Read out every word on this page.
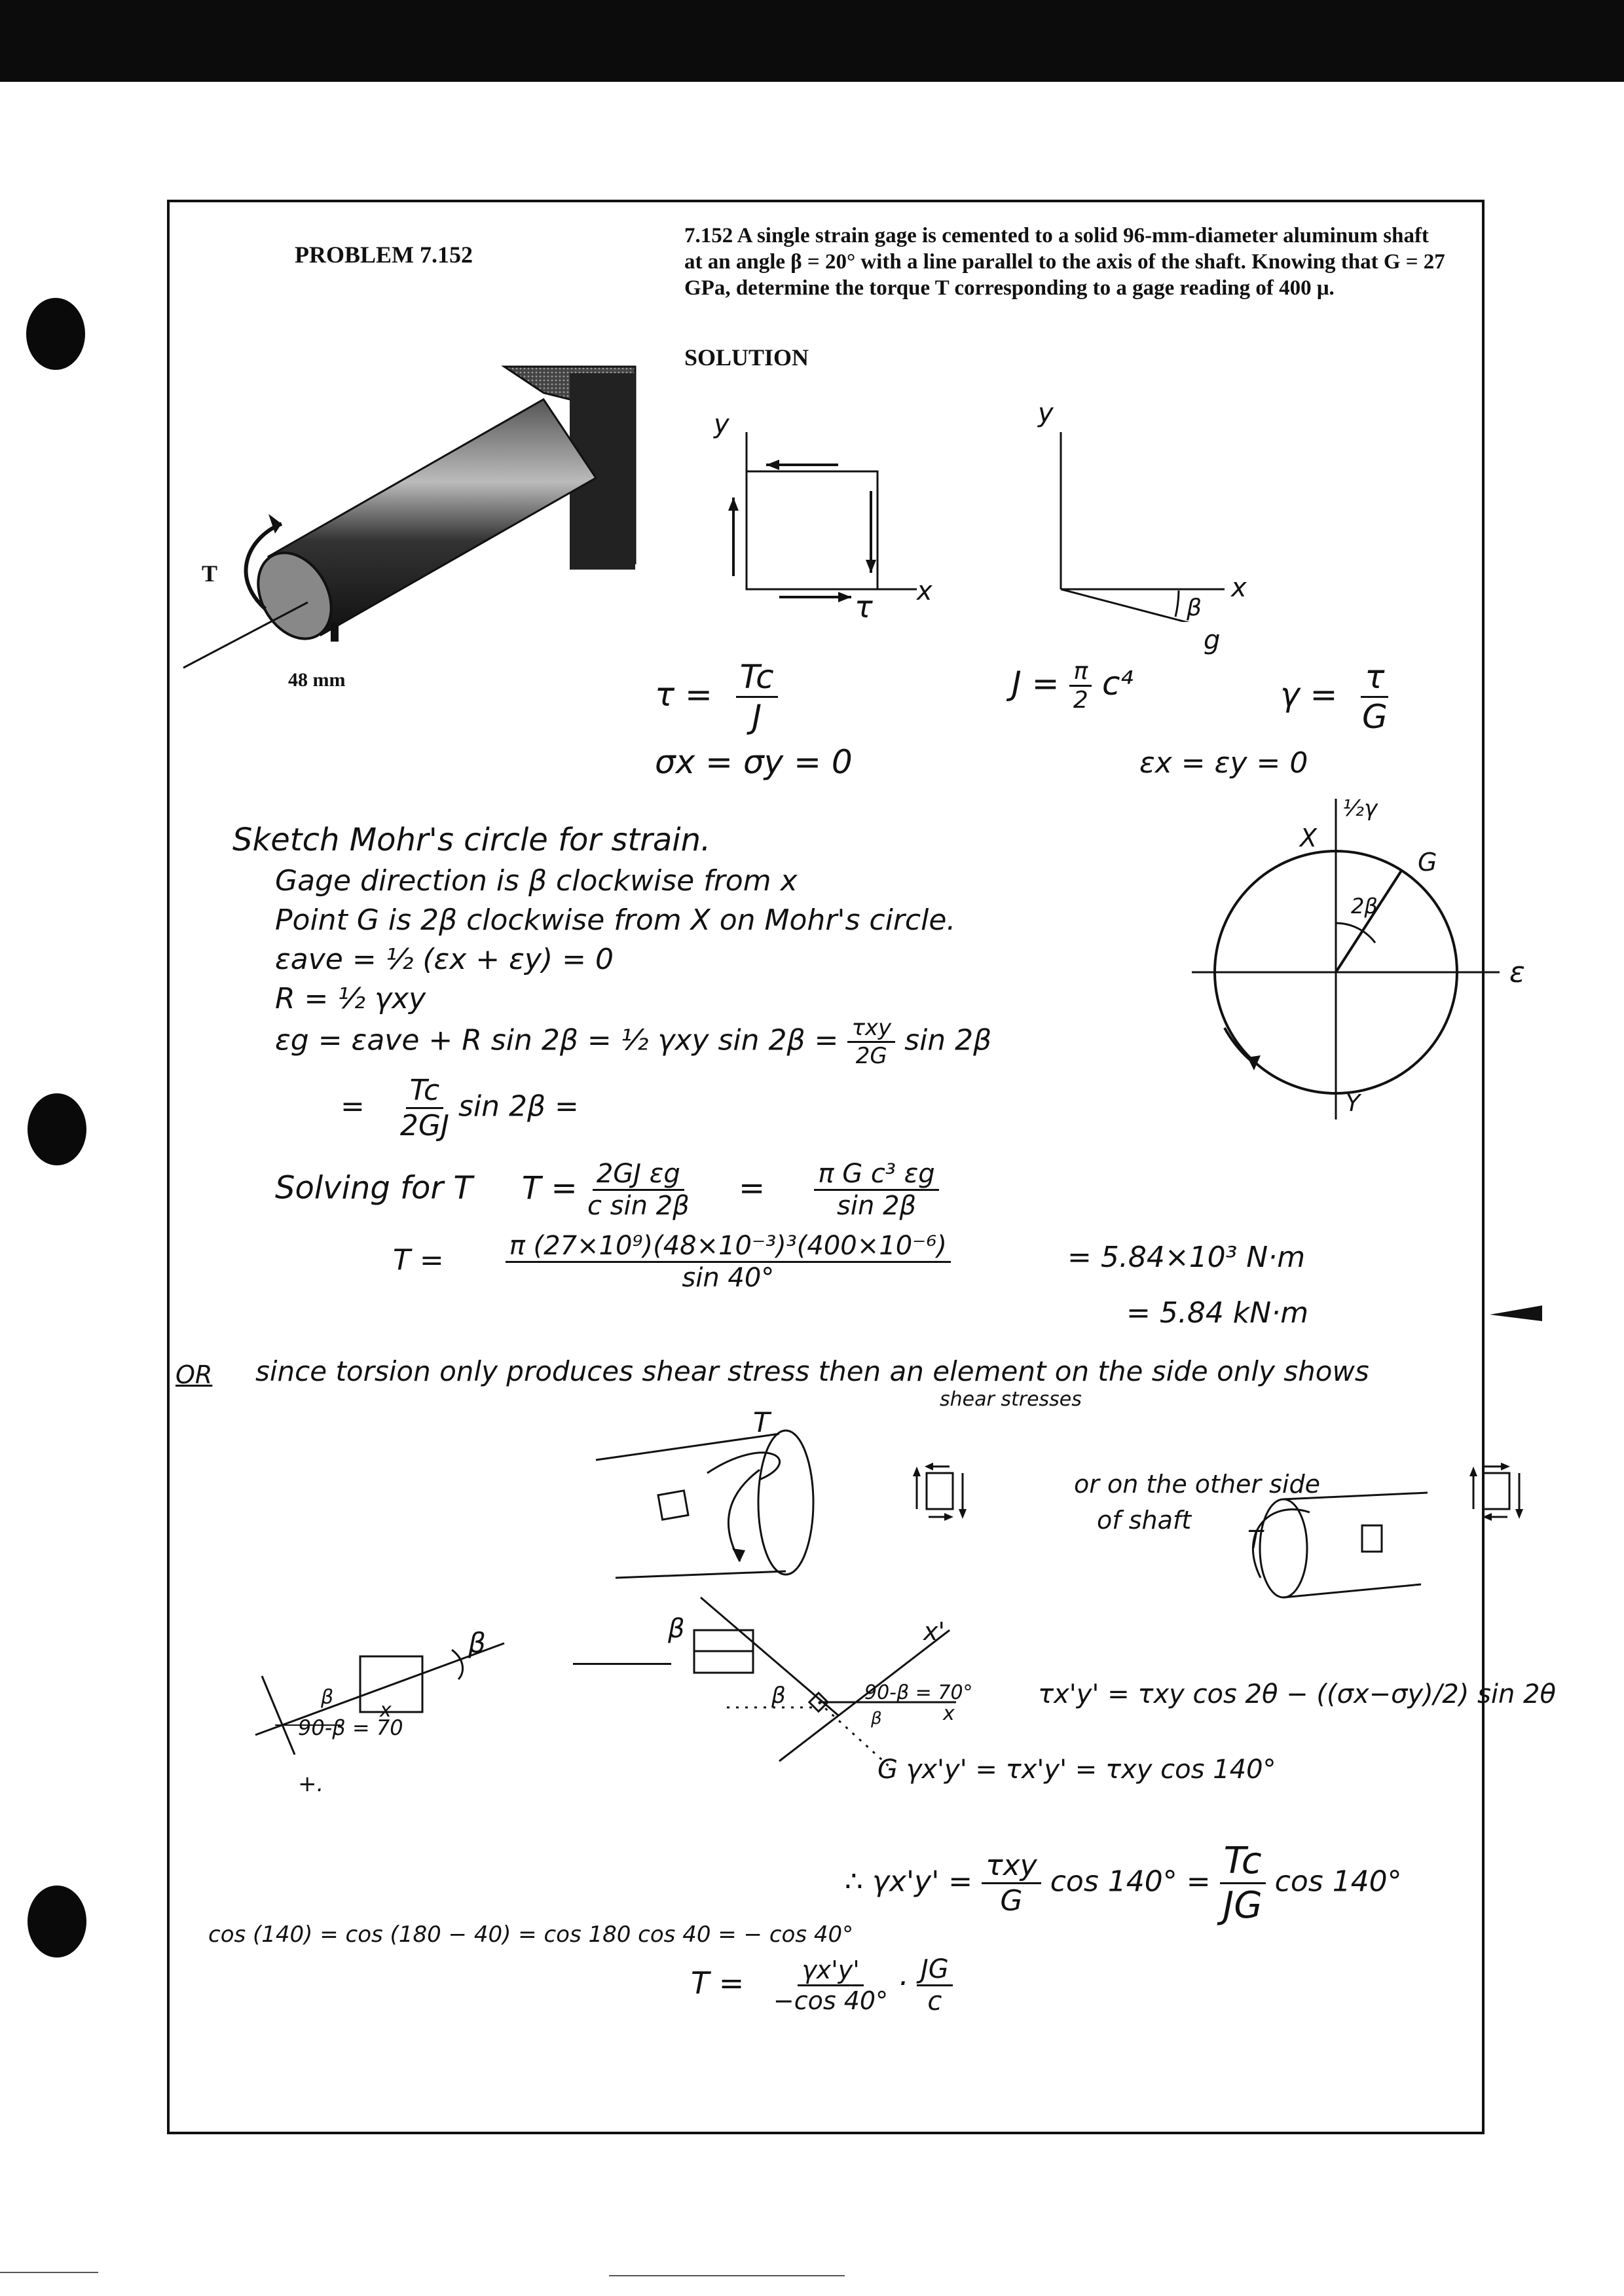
PROBLEM 7.152
7.152 A single strain gage is cemented to a solid 96-mm-diameter aluminum shaft
at an angle β = 20° with a line parallel to the axis of the shaft. Knowing that G = 27
GPa, determine the torque T corresponding to a gage reading of 400 μ.
SOLUTION
T
48 mm
y
x
τ
y
x
β
g
$\tau = \frac{Tc}{J}$	$J = \frac{\pi}{2} c^4$	$\gamma = \frac{\tau}{G}$
σx = σy = 0	εx = εy = 0
½γ
X
G
2β
ε
Y
Sketch Mohr's circle for strain.
Gage direction is β clockwise from x
Point G is 2β clockwise from X on Mohr's circle.
εave = ½ (εx + εy) = 0
R = ½ γxy
εg = εave + R sin 2β = ½ γxy $\sin 2\beta = \frac{\text{τxy}}{2G}$ sin 2β
= $\frac{Tc}{2GJ}$ sin 2β =
Solving for T $T = \frac{\text{2GJ εg}}{\text{c sin 2β}} = \frac{\text{π G c³ εg}}{\sin 2\beta}$
$T = \frac{\text{π (27×10⁹)(48×10⁻³)³(400×10⁻⁶)}}{\sin 40^\circ}$	= 5.84×10³ N·m
= 5.84 kN·m
OR since torsion only produces shear stress then an element on the side only shows
shear stresses
T
or on the other side
of shaft
T
β
β
x
90-β = 70
+.
β
β
β
90-β = 70°
x
x'
τx'y' = τxy cos 2θ − ((σx−σy)/2) sin 2θ
G γx'y' = τx'y' = τxy cos 140°
∴ $\gamma x'y' = \frac{\text{τxy}}{G}$ $\cos 140^\circ = \frac{Tc}{JG}$ cos 140°
cos (140) = cos (180 − 40) = cos 180 cos 40 = − cos 40°
$T = \frac{\gamma x'y'}{-\cos 40^\circ} \cdot \frac{JG}{c}$
